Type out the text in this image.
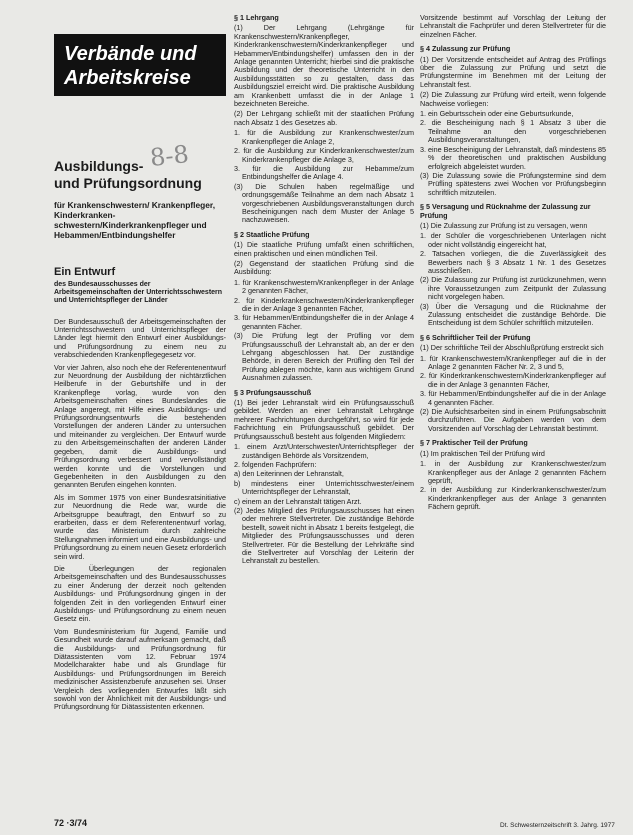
Verbände und
Arbeitskreise
8-8
Ausbildungs-
und Prüfungsordnung
für Krankenschwestern/ Krankenpfleger, Kinderkranken-schwestern/Kinderkrankenpfleger und Hebammen/Entbindungshelfer
Ein Entwurf
des Bundesausschusses der Arbeitsgemeinschaften der Unterrichtsschwestern und Unterrichtspfleger der Länder

Der Bundesausschuß der Arbeitsgemeinschaften der Unterrichtsschwestern und Unterrichtspfleger der Länder legt hiermit den Entwurf einer Ausbildungs- und Prüfungsordnung zu einem neu zu verabschiedenden Krankenpflegegesetz vor.

Vor vier Jahren, also noch ehe der Referentenentwurf zur Neuordnung der Ausbildung der nichtärztlichen Heilberufe in der Geburtshilfe und in der Krankenpflege vorlag, wurde von den Arbeitsgemeinschaften eines Bundeslandes die Anlage angeregt, mit Hilfe eines Ausbildungs- und Prüfungsordnungsentwurfs die bestehenden Vorstellungen der anderen Länder zu untersuchen und miteinander zu vergleichen. Der Entwurf wurde zu den Arbeitsgemeinschaften der anderen Länder gegeben, damit die Ausbildungs- und Prüfungsordnung verbessert und vervollständigt werden konnte und die Vorstellungen und Gegebenheiten in den Ausbildungen zu den genannten Berufen eingehen konnten.

Als im Sommer 1975 von einer Bundesratsinitiative zur Neuordnung die Rede war, wurde die Arbeitsgruppe beauftragt, den Entwurf so zu erarbeiten, dass er dem Referentenentwurf vorlag, wurde das Ministerium durch zahlreiche Stellungnahmen informiert und eine Ausbildungs- und Prüfungsordnung zu einem neuen Gesetz erforderlich sein wird.

Die Überlegungen der regionalen Arbeitsgemeinschaften und des Bundesausschusses zu einer Änderung der derzeit noch geltenden Ausbildungs- und Prüfungsordnung gingen in der folgenden Zeit in den vorliegenden Entwurf einer Ausbildungs- und Prüfungsordnung zu einem neuen Gesetz ein.

Vom Bundesministerium für Jugend, Familie und Gesundheit wurde darauf aufmerksam gemacht, daß die Ausbildungs- und Prüfungsordnung für Diätassistenten vom 12. Februar 1974 Modellcharakter habe und als Grundlage für Ausbildungs- und Prüfungsordnungen im Bereich medizinischer Assistenzberufe anzusehen sei. Unser Vergleich des vorliegenden Entwurfes läßt sich sowohl von der Ähnlichkeit mit der Ausbildungs- und Prüfungsordnung für Diätassistenten erkennen.

§ 1 Lehrgang
(1) Der Lehrgang (Lehrgänge für Krankenschwestern/Krankenpfleger, Kinderkrankenschwestern/Kinderkrankenpfleger und Hebammen/Entbindungshelfer) umfassen den in der Anlage genannten Unterricht; hierbei sind die praktische Ausbildung und der theoretische Unterricht in den Ausbildungsstätten so zu gestalten, dass das Ausbildungsziel erreicht wird. Die praktische Ausbildung am Krankenbett umfasst die in der Anlage 1 bezeichneten Bereiche.
(2) Der Lehrgang schließt mit der staatlichen Prüfung nach Absatz 1 des Gesetzes ab.
1. für die Ausbildung zur Krankenschwester/zum Krankenpfleger die Anlage 2,
2. für die Ausbildung zur Kinderkrankenschwester/zum Kinderkrankenpfleger die Anlage 3,
3. für die Ausbildung zur Hebamme/zum Entbindungshelfer die Anlage 4.
(3) Die Schulen haben regelmäßige und ordnungsgemäße Teilnahme an dem nach Absatz 1 vorgeschriebenen Ausbildungsveranstaltungen durch Bescheinigungen nach dem Muster der Anlage 5 nachzuweisen.
§ 2 Staatliche Prüfung
(1) Die staatliche Prüfung umfaßt einen schriftlichen, einen praktischen und einen mündlichen Teil.
(2) Gegenstand der staatlichen Prüfung sind die Ausbildung:
1. für Krankenschwestern/Krankenpfleger in der Anlage 2 genannten Fächer,
2. für Kinderkrankenschwestern/Kinderkrankenpfleger die in der Anlage 3 genannten Fächer,
3. für Hebammen/Entbindungshelfer die in der Anlage 4 genannten Fächer.
(3) Die Prüfung legt der Prüfling vor dem Prüfungsausschuß der Lehranstalt ab, an der er den Lehrgang abgeschlossen hat. Der zuständige Behörde, in deren Bereich der Prüfling den Teil der Prüfung ablegen möchte, kann aus wichtigem Grund Ausnahmen zulassen.
§ 3 Prüfungsausschuß
(1) Bei jeder Lehranstalt wird ein Prüfungsausschuß gebildet. Werden an einer Lehranstalt Lehrgänge mehrerer Fachrichtungen durchgeführt, so wird für jede Fachrichtung ein Prüfungsausschuß gebildet. Der Prüfungsausschuß besteht aus folgenden Mitgliedern:
1. einem Arzt/Unterschwester/Unterrichtspfleger der zuständigen Behörde als Vorsitzendem,
2. folgenden Fachprüfern:
a) den Leiterinnen der Lehranstalt,
b) mindestens einer Unterrichtsschwester/einem Unterrichtspfleger der Lehranstalt,
c) einem an der Lehranstalt tätigen Arzt.
(2) Jedes Mitglied des Prüfungsausschusses hat einen oder mehrere Stellvertreter. Die zuständige Behörde bestellt, soweit nicht in Absatz 1 bereits festgelegt, die Mitglieder des Prüfungsausschusses und deren Stellvertreter. Für die Bestellung der Lehrkräfte sind die Stellvertreter auf Vorschlag der Leiterin der Lehranstalt zu bestellen.
Vorsitzende bestimmt auf Vorschlag der Leitung der Lehranstalt die Fachprüfer und deren Stellvertreter für die einzelnen Fächer.
§ 4 Zulassung zur Prüfung
(1) Der Vorsitzende entscheidet auf Antrag des Prüflings über die Zulassung zur Prüfung und setzt die Prüfungstermine im Benehmen mit der Leitung der Lehranstalt fest.
(2) Die Zulassung zur Prüfung wird erteilt, wenn folgende Nachweise vorliegen:
1. ein Geburtsschein oder eine Geburtsurkunde,
2. die Bescheinigung nach § 1 Absatz 3 über die Teilnahme an den vorgeschriebenen Ausbildungsveranstaltungen,
3. eine Bescheinigung der Lehranstalt, daß mindestens 85 % der theoretischen und praktischen Ausbildung erfolgreich abgeleistet wurden.
(3) Die Zulassung sowie die Prüfungstermine sind dem Prüfling spätestens zwei Wochen vor Prüfungsbeginn schriftlich mitzuteilen.
§ 5 Versagung und Rücknahme der Zulassung zur Prüfung
(1) Die Zulassung zur Prüfung ist zu versagen, wenn
1. der Schüler die vorgeschriebenen Unterlagen nicht oder nicht vollständig eingereicht hat,
2. Tatsachen vorliegen, die die Zuverlässigkeit des Bewerbers nach § 3 Absatz 1 Nr. 1 des Gesetzes ausschließen.
(2) Die Zulassung zur Prüfung ist zurückzunehmen, wenn ihre Voraussetzungen zum Zeitpunkt der Zulassung nicht vorgelegen haben.
(3) Über die Versagung und die Rücknahme der Zulassung entscheidet die zuständige Behörde. Die Entscheidung ist dem Schüler schriftlich mitzuteilen.
§ 6 Schriftlicher Teil der Prüfung
(1) Der schriftliche Teil der Abschlußprüfung erstreckt sich
1. für Krankenschwestern/Krankenpfleger auf die in der Anlage 2 genannten Fächer Nr. 2, 3 und 5,
2. für Kinderkrankenschwestern/Kinderkrankenpfleger auf die in der Anlage 3 genannten Fächer,
3. für Hebammen/Entbindungshelfer auf die in der Anlage 4 genannten Fächer.
(2) Die Aufsichtsarbeiten sind in einem Prüfungsabschnitt durchzuführen. Die Aufgaben werden von dem Vorsitzenden auf Vorschlag der Lehranstalt bestimmt.
§ 7 Praktischer Teil der Prüfung
(1) Im praktischen Teil der Prüfung wird
1. in der Ausbildung zur Krankenschwester/zum Krankenpfleger aus der Anlage 2 genannten Fächern geprüft,
2. in der Ausbildung zur Kinderkrankenschwester/zum Kinderkrankenpfleger aus der Anlage 3 genannten Fächern geprüft.
72 ·3/74	Dt. Schwesternzeitschrift 3. Jahrg. 1977
